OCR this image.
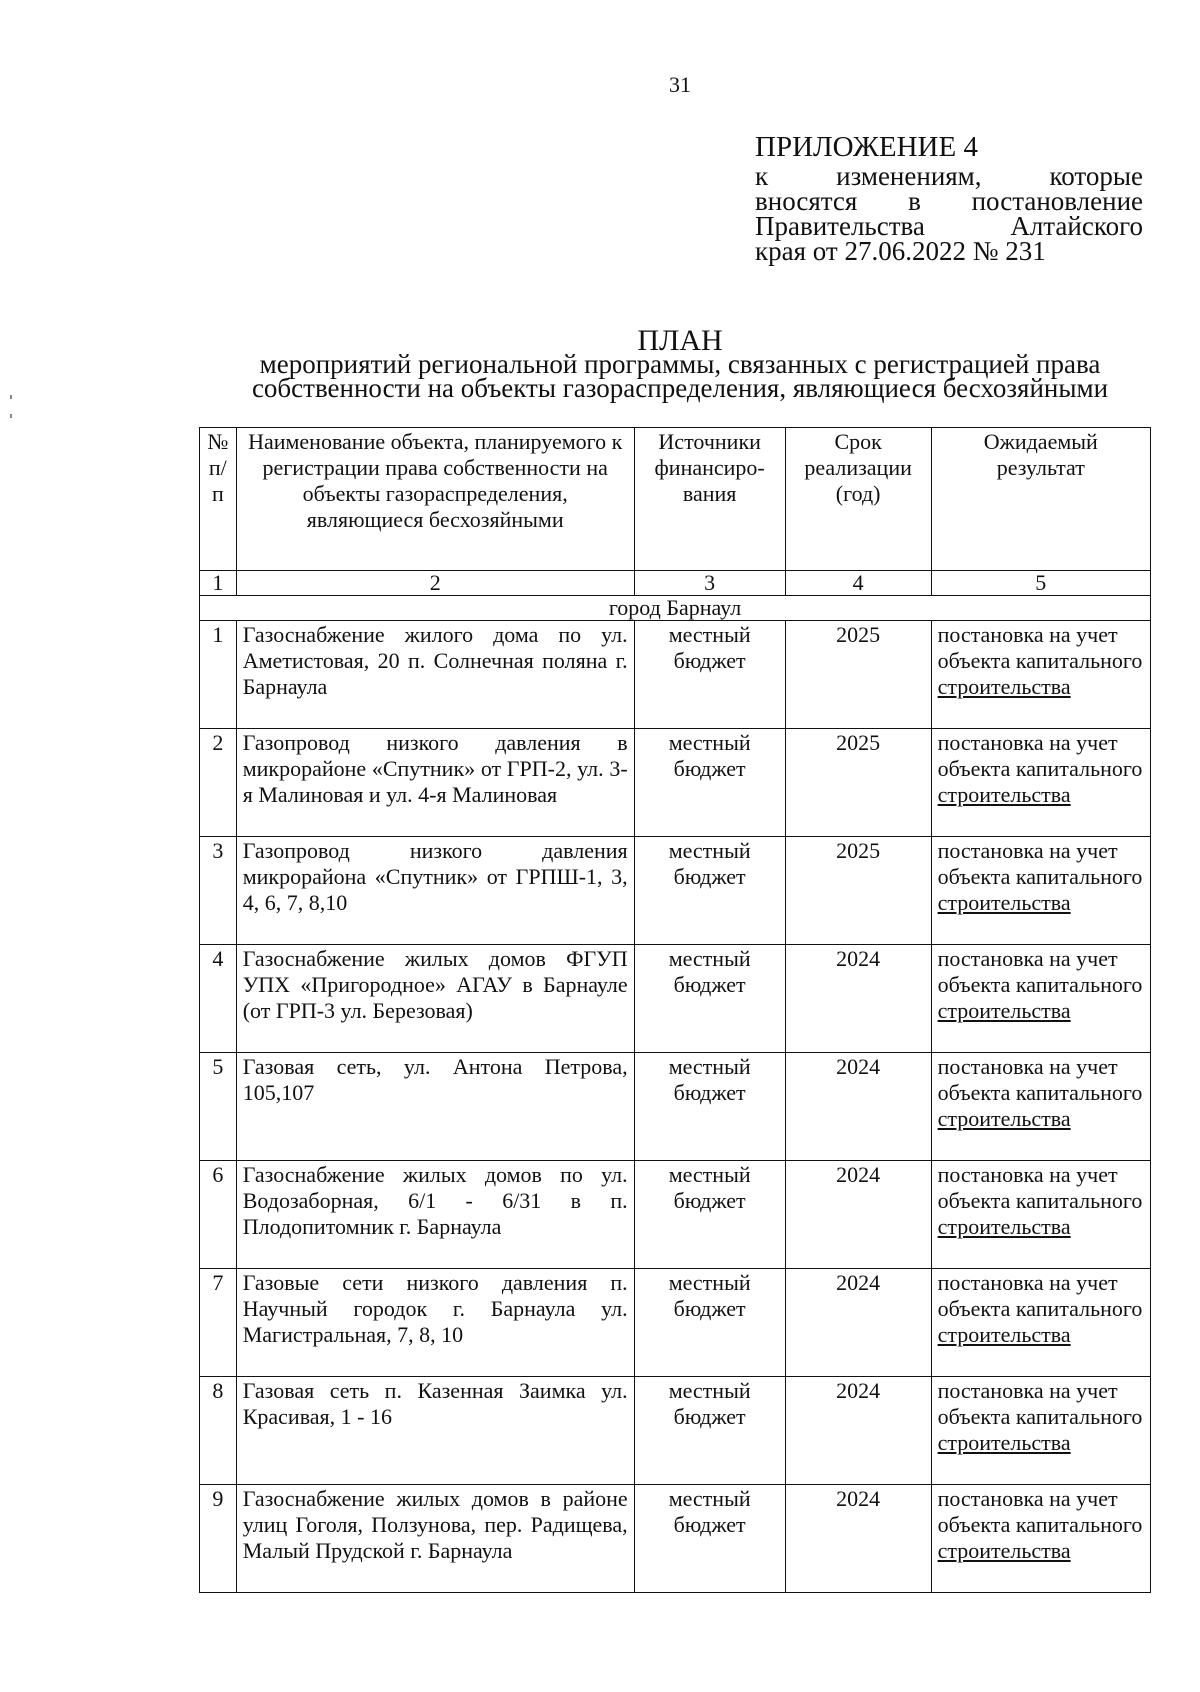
31
ПРИЛОЖЕНИЕ 4
к изменениям, которые
вносятся в постановление
Правительства Алтайского
края от 27.06.2022 № 231
ПЛАН
мероприятий региональной программы, связанных с регистрацией права
собственности на объекты газораспределения, являющиеся бесхозяйными
№ п/п	Наименование объекта, планируемого к регистрации права собственности на объекты газораспределения, являющиеся бесхозяйными	Источники финансиро-вания	Срок реализации (год)	Ожидаемый результат
1	2	3	4	5
город Барнаул				
1	Газоснабжение жилого дома по ул. Аметистовая, 20 п. Солнечная поляна г. Барнаула	местный бюджет	2025	постановка на учет объекта капитального
строительства
2	Газопровод низкого давления в микрорайоне «Спутник» от ГРП-2, ул. 3-я Малиновая и ул. 4-я Малиновая	местный бюджет	2025	постановка на учет объекта капитального
строительства
3	Газопровод низкого давления микрорайона «Спутник» от ГРПШ-1, 3, 4, 6, 7, 8,10	местный бюджет	2025	постановка на учет объекта капитального
строительства
4	Газоснабжение жилых домов ФГУП УПХ «Пригородное» АГАУ в Барнауле (от ГРП-3 ул. Березовая)	местный бюджет	2024	постановка на учет объекта капитального
строительства
5	Газовая сеть, ул. Антона Петрова, 105,107	местный бюджет	2024	постановка на учет объекта капитального
строительства
6	Газоснабжение жилых домов по ул. Водозаборная, 6/1 - 6/31 в п. Плодопитомник г. Барнаула	местный бюджет	2024	постановка на учет объекта капитального
строительства
7	Газовые сети низкого давления п. Научный городок г. Барнаула ул. Магистральная, 7, 8, 10	местный бюджет	2024	постановка на учет объекта капитального
строительства
8	Газовая сеть п. Казенная Заимка ул. Красивая, 1 - 16	местный бюджет	2024	постановка на учет объекта капитального
строительства
9	Газоснабжение жилых домов в районе улиц Гоголя, Ползунова, пер. Радищева, Малый Прудской г. Барнаула	местный бюджет	2024	постановка на учет объекта капитального
строительства
